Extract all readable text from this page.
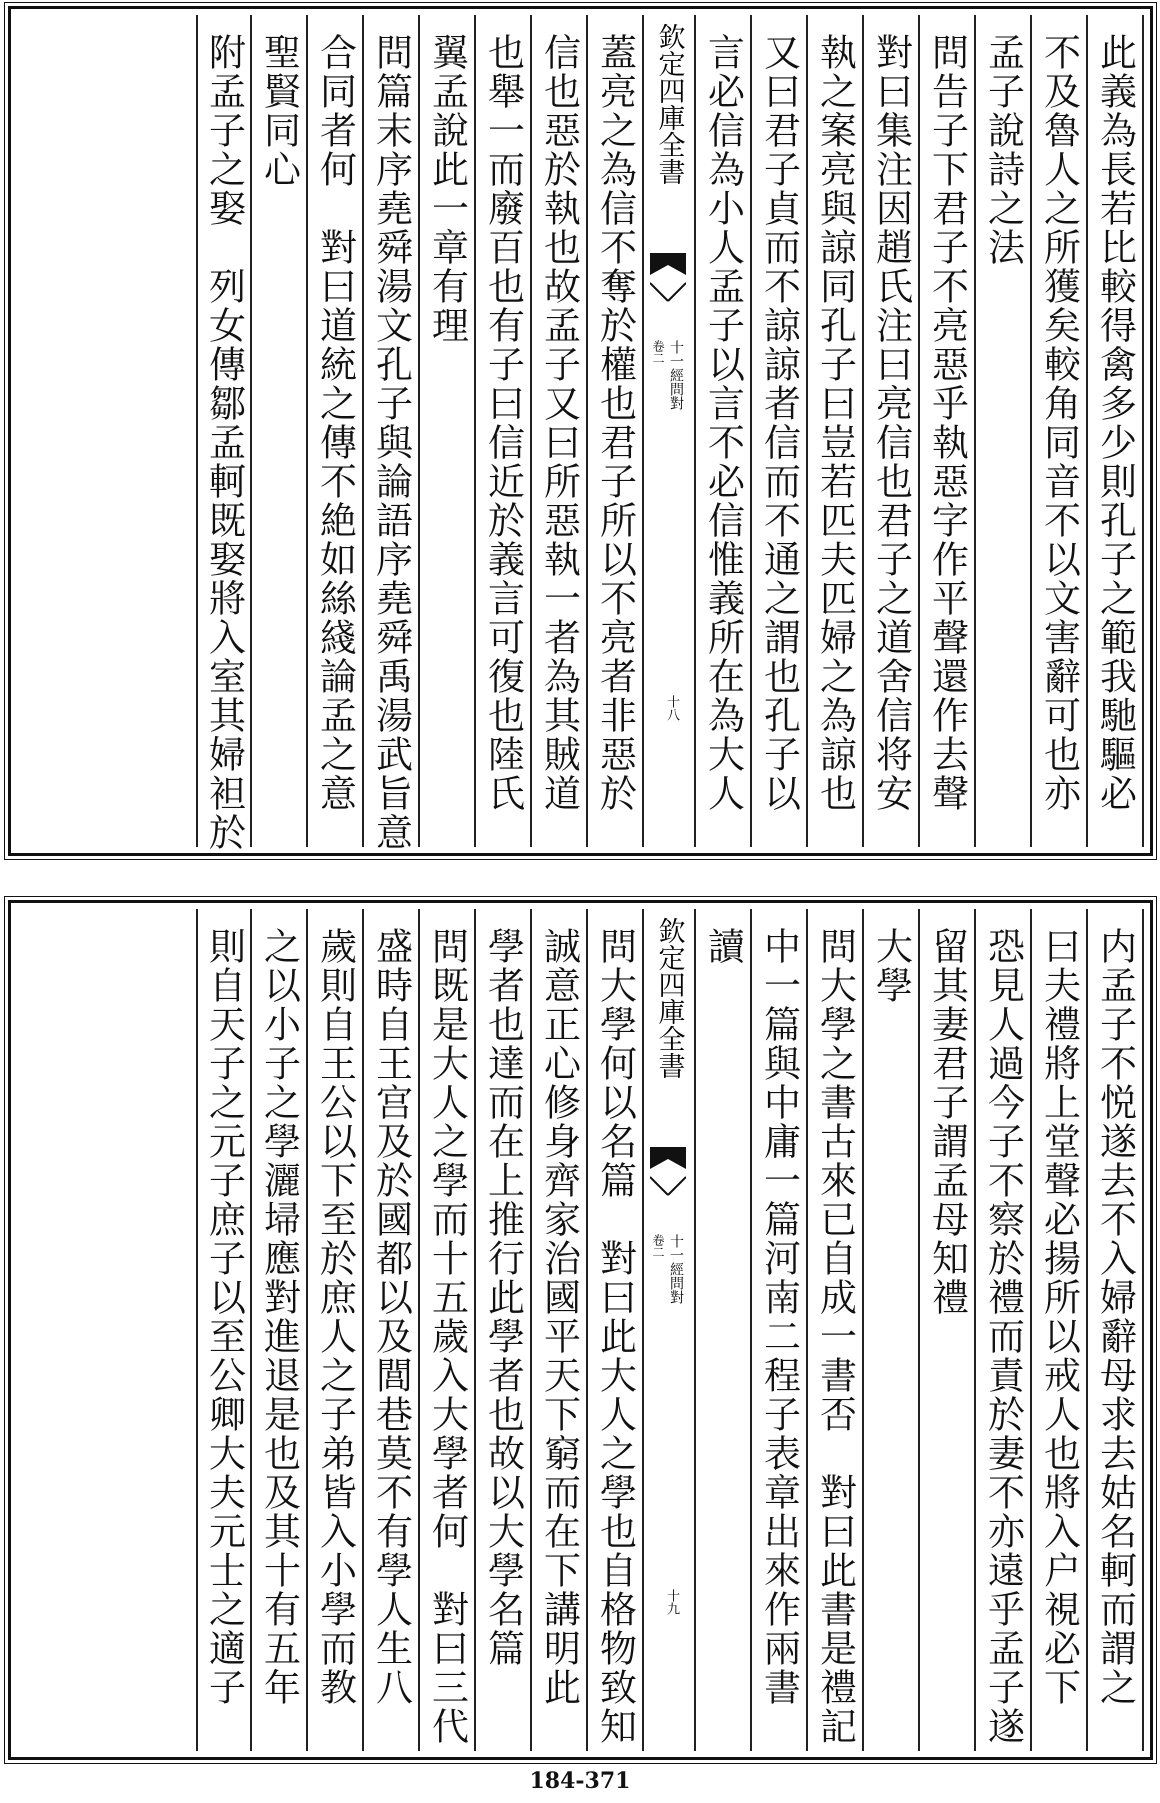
此義為長若比較得禽多少則孔子之範我馳驅必
不及魯人之所獲矣較角同音不以文害辭可也亦
孟子說詩之法
問告子下君子不亮惡乎執惡字作平聲還作去聲
對曰集注因趙氏注曰亮信也君子之道舍信将安
執之案亮與諒同孔子曰豈若匹夫匹婦之為諒也
又曰君子貞而不諒諒者信而不通之謂也孔子以
言必信為小人孟子以言不必信惟義所在為大人
欽定四庫全書
十一經問對
卷二
十八
蓋亮之為信不奪於權也君子所以不亮者非惡於
信也惡於執也故孟子又曰所惡執一者為其賊道
也舉一而廢百也有子曰信近於義言可復也陸氏
翼孟說此一章有理
問篇末序堯舜湯文孔子與論語序堯舜禹湯武旨意
合同者何　對曰道統之傳不絶如絲綫論孟之意
聖賢同心
附孟子之娶　列女傳鄒孟軻既娶將入室其婦袒於
内孟子不悦遂去不入婦辭母求去姑名軻而謂之
曰夫禮將上堂聲必揚所以戒人也將入户視必下
恐見人過今子不察於禮而責於妻不亦遠乎孟子遂
留其妻君子謂孟母知禮
大學
問大學之書古來已自成一書否　對曰此書是禮記
中一篇與中庸一篇河南二程子表章出來作兩書
讀
欽定四庫全書
十一經問對
卷二
十九
問大學何以名篇　對曰此大人之學也自格物致知
誠意正心修身齊家治國平天下窮而在下講明此
學者也達而在上推行此學者也故以大學名篇
問既是大人之學而十五歲入大學者何　對曰三代
盛時自王宫及於國都以及閭巷莫不有學人生八
歲則自王公以下至於庶人之子弟皆入小學而教
之以小子之學灑埽應對進退是也及其十有五年
則自天子之元子庶子以至公卿大夫元士之適子
184-371
